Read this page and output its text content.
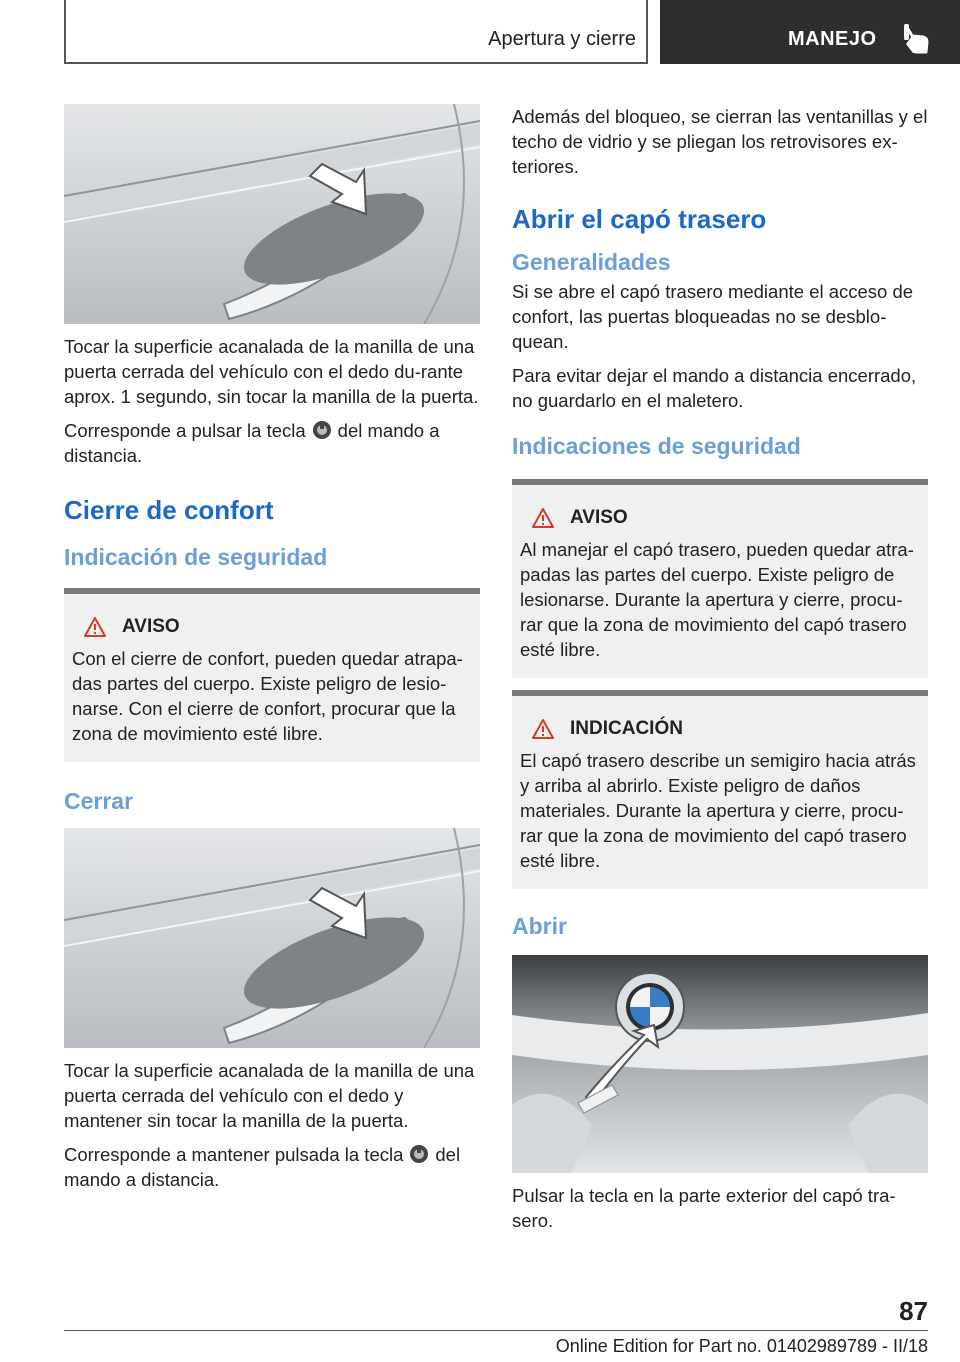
Apertura y cierre	MANEJO

Tocar la superficie acanalada de la manilla de una puerta cerrada del vehículo con el dedo du‐rante aprox. 1 segundo, sin tocar la manilla de la puerta.

Corresponde a pulsar la tecla del mando a distancia.

Cierre de confort
Indicación de seguridad
AVISO
Con el cierre de confort, pueden quedar atrapa‐das partes del cuerpo. Existe peligro de lesio‐narse. Con el cierre de confort, procurar que la zona de movimiento esté libre.
Cerrar

Tocar la superficie acanalada de la manilla de una puerta cerrada del vehículo con el dedo y mantener sin tocar la manilla de la puerta.

Corresponde a mantener pulsada la tecla del mando a distancia.

Además del bloqueo, se cierran las ventanillas y el techo de vidrio y se pliegan los retrovisores ex‐teriores.

Abrir el capó trasero
Generalidades

Si se abre el capó trasero mediante el acceso de confort, las puertas bloqueadas no se desblo‐quean.

Para evitar dejar el mando a distancia encerrado, no guardarlo en el maletero.

Indicaciones de seguridad
AVISO
Al manejar el capó trasero, pueden quedar atra‐padas las partes del cuerpo. Existe peligro de lesionarse. Durante la apertura y cierre, procu‐rar que la zona de movimiento del capó trasero esté libre.
INDICACIÓN
El capó trasero describe un semigiro hacia atrás y arriba al abrirlo. Existe peligro de daños materiales. Durante la apertura y cierre, procu‐rar que la zona de movimiento del capó trasero esté libre.
Abrir

Pulsar la tecla en la parte exterior del capó tra‐sero.

87
Online Edition for Part no. 01402989789 - II/18
